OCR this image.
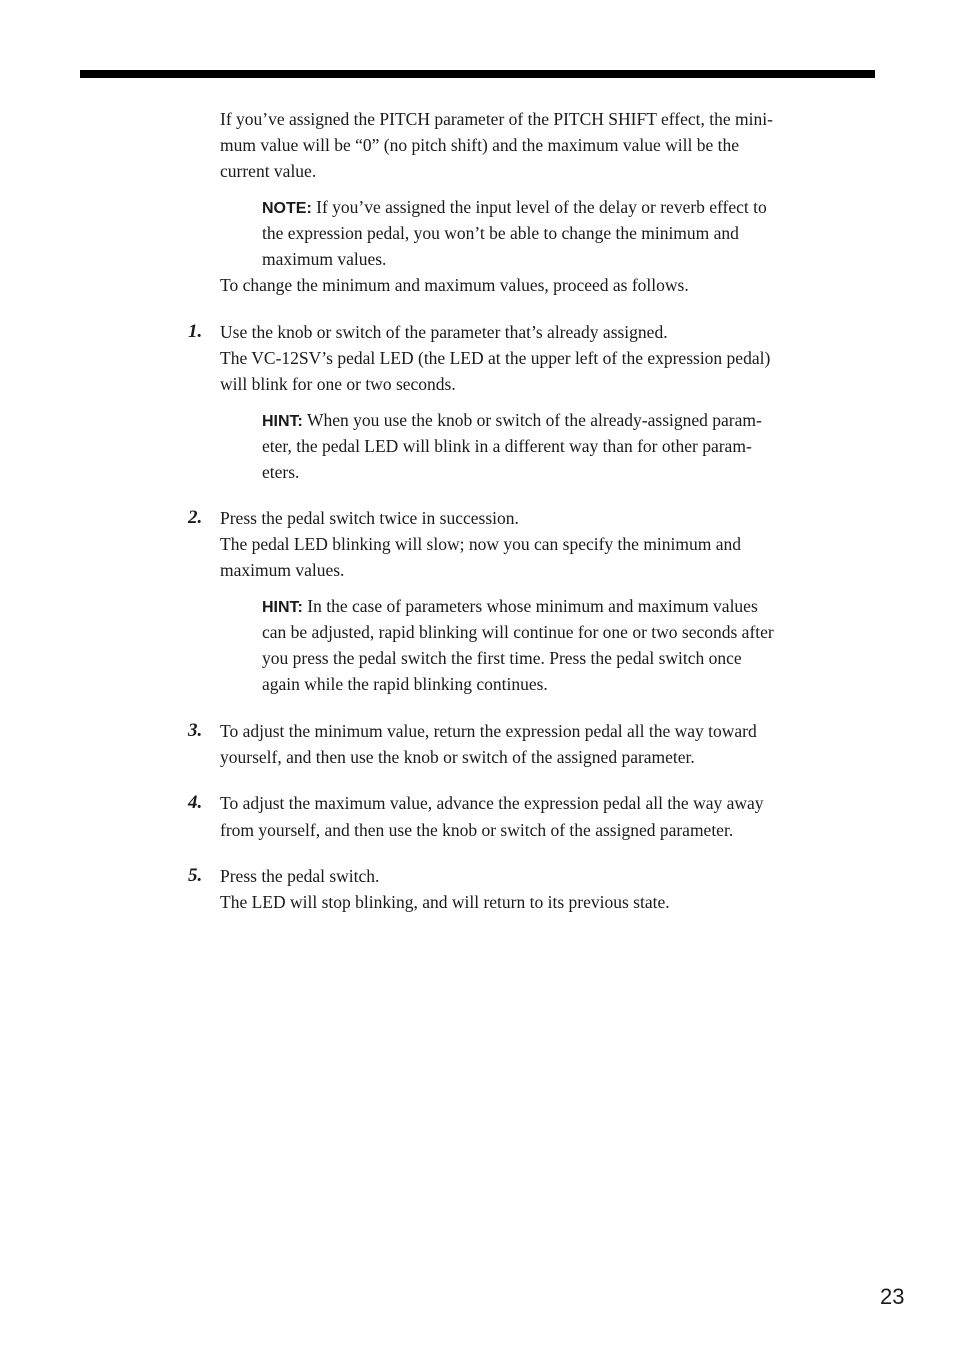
If you’ve assigned the PITCH parameter of the PITCH SHIFT effect, the mini-
mum value will be “0” (no pitch shift) and the maximum value will be the
current value.
NOTE: If you’ve assigned the input level of the delay or reverb effect to
the expression pedal, you won’t be able to change the minimum and
maximum values.
To change the minimum and maximum values, proceed as follows.
1. Use the knob or switch of the parameter that’s already assigned.
The VC-12SV’s pedal LED (the LED at the upper left of the expression pedal)
will blink for one or two seconds.
HINT: When you use the knob or switch of the already-assigned param-
eter, the pedal LED will blink in a different way than for other param-
eters.
2. Press the pedal switch twice in succession.
The pedal LED blinking will slow; now you can specify the minimum and
maximum values.
HINT: In the case of parameters whose minimum and maximum values
can be adjusted, rapid blinking will continue for one or two seconds after
you press the pedal switch the first time. Press the pedal switch once
again while the rapid blinking continues.
3. To adjust the minimum value, return the expression pedal all the way toward
yourself, and then use the knob or switch of the assigned parameter.
4. To adjust the maximum value, advance the expression pedal all the way away
from yourself, and then use the knob or switch of the assigned parameter.
5. Press the pedal switch.
The LED will stop blinking, and will return to its previous state.
23
